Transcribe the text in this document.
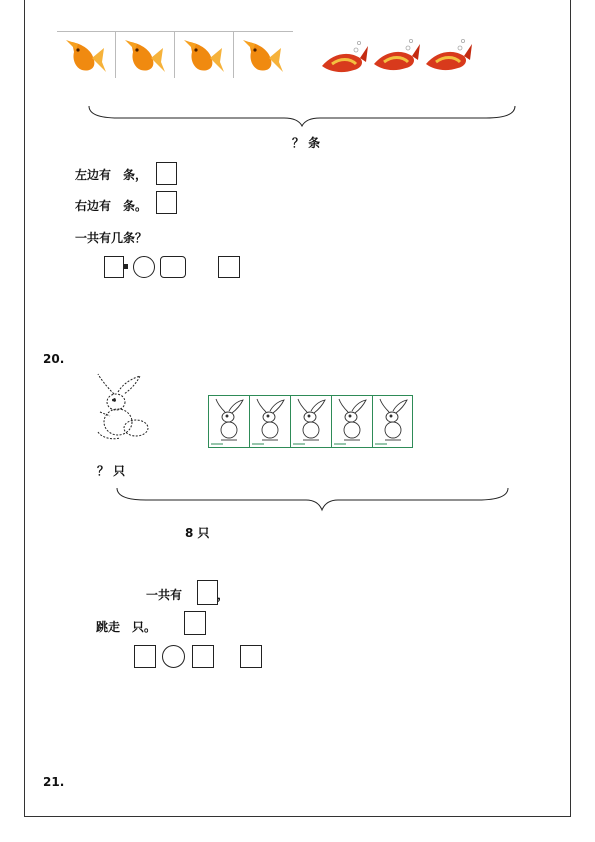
？ 条
左边有　条，
右边有　条。
一共有几条？
20.
？ 只
8 只
一共有	，
跳走　只。
21.
